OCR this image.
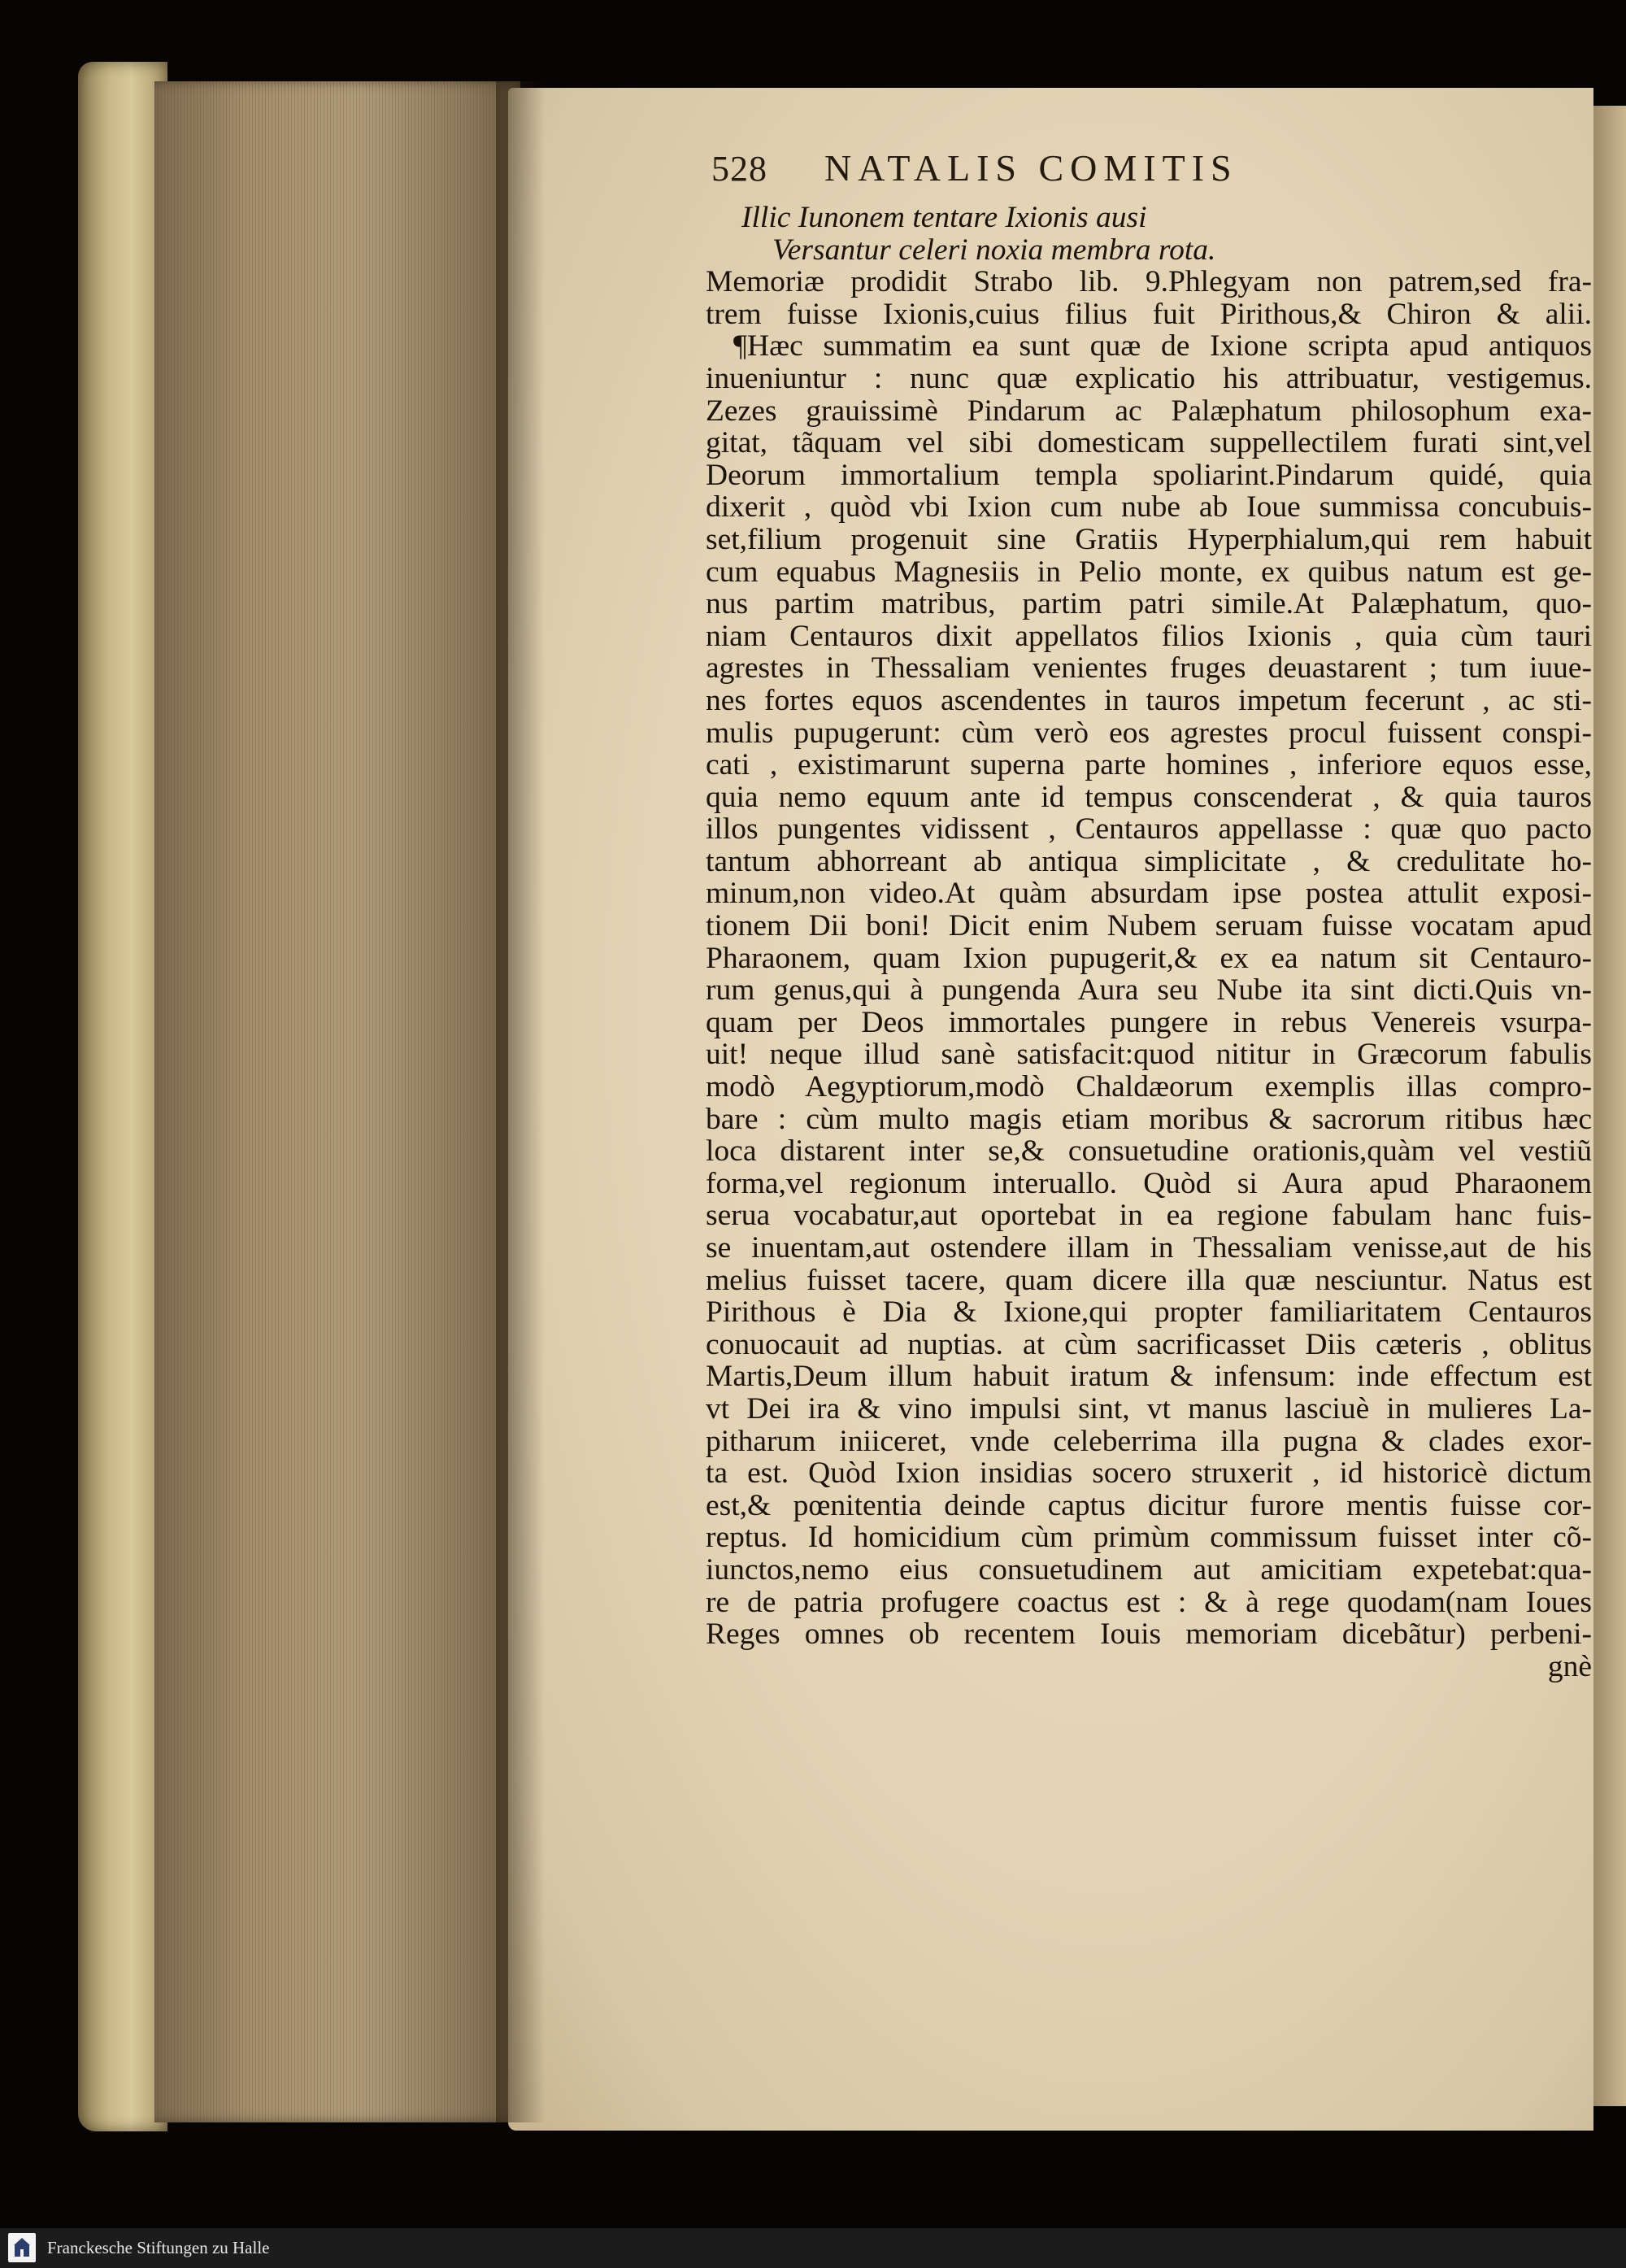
528 NATALIS COMITIS
Illic Iunonem tentare Ixionis ausi
Versantur celeri noxia membra rota.
Memoriæ prodidit Strabo lib. 9.Phlegyam non patrem,sed fra-
trem fuisse Ixionis,cuius filius fuit Pirithous,& Chiron & alii.
¶Hæc summatim ea sunt quæ de Ixione scripta apud antiquos
inueniuntur : nunc quæ explicatio his attribuatur, vestigemus.
Zezes grauissimè Pindarum ac Palæphatum philosophum exa-
gitat, tãquam vel sibi domesticam suppellectilem furati sint,vel
Deorum immortalium templa spoliarint.Pindarum quidé, quia
dixerit , quòd vbi Ixion cum nube ab Ioue summissa concubuis-
set,filium progenuit sine Gratiis Hyperphialum,qui rem habuit
cum equabus Magnesiis in Pelio monte, ex quibus natum est ge-
nus partim matribus, partim patri simile.At Palæphatum, quo-
niam Centauros dixit appellatos filios Ixionis , quia cùm tauri
agrestes in Thessaliam venientes fruges deuastarent ; tum iuue-
nes fortes equos ascendentes in tauros impetum fecerunt , ac sti-
mulis pupugerunt: cùm verò eos agrestes procul fuissent conspi-
cati , existimarunt superna parte homines , inferiore equos esse,
quia nemo equum ante id tempus conscenderat , & quia tauros
illos pungentes vidissent , Centauros appellasse : quæ quo pacto
tantum abhorreant ab antiqua simplicitate , & credulitate ho-
minum,non video.At quàm absurdam ipse postea attulit exposi-
tionem Dii boni! Dicit enim Nubem seruam fuisse vocatam apud
Pharaonem, quam Ixion pupugerit,& ex ea natum sit Centauro-
rum genus,qui à pungenda Aura seu Nube ita sint dicti.Quis vn-
quam per Deos immortales pungere in rebus Venereis vsurpa-
uit! neque illud sanè satisfacit:quod nititur in Græcorum fabulis
modò Aegyptiorum,modò Chaldæorum exemplis illas compro-
bare : cùm multo magis etiam moribus & sacrorum ritibus hæc
loca distarent inter se,& consuetudine orationis,quàm vel vestiũ
forma,vel regionum interuallo. Quòd si Aura apud Pharaonem
serua vocabatur,aut oportebat in ea regione fabulam hanc fuis-
se inuentam,aut ostendere illam in Thessaliam venisse,aut de his
melius fuisset tacere, quam dicere illa quæ nesciuntur. Natus est
Pirithous è Dia & Ixione,qui propter familiaritatem Centauros
conuocauit ad nuptias. at cùm sacrificasset Diis cæteris , oblitus
Martis,Deum illum habuit iratum & infensum: inde effectum est
vt Dei ira & vino impulsi sint, vt manus lasciuè in mulieres La-
pitharum iniiceret, vnde celeberrima illa pugna & clades exor-
ta est. Quòd Ixion insidias socero struxerit , id historicè dictum
est,& pœnitentia deinde captus dicitur furore mentis fuisse cor-
reptus. Id homicidium cùm primùm commissum fuisset inter cõ-
iunctos,nemo eius consuetudinem aut amicitiam expetebat:qua-
re de patria profugere coactus est : & à rege quodam(nam Ioues
Reges omnes ob recentem Iouis memoriam dicebãtur) perbeni-
gnè
Franckesche Stiftungen zu Halle
